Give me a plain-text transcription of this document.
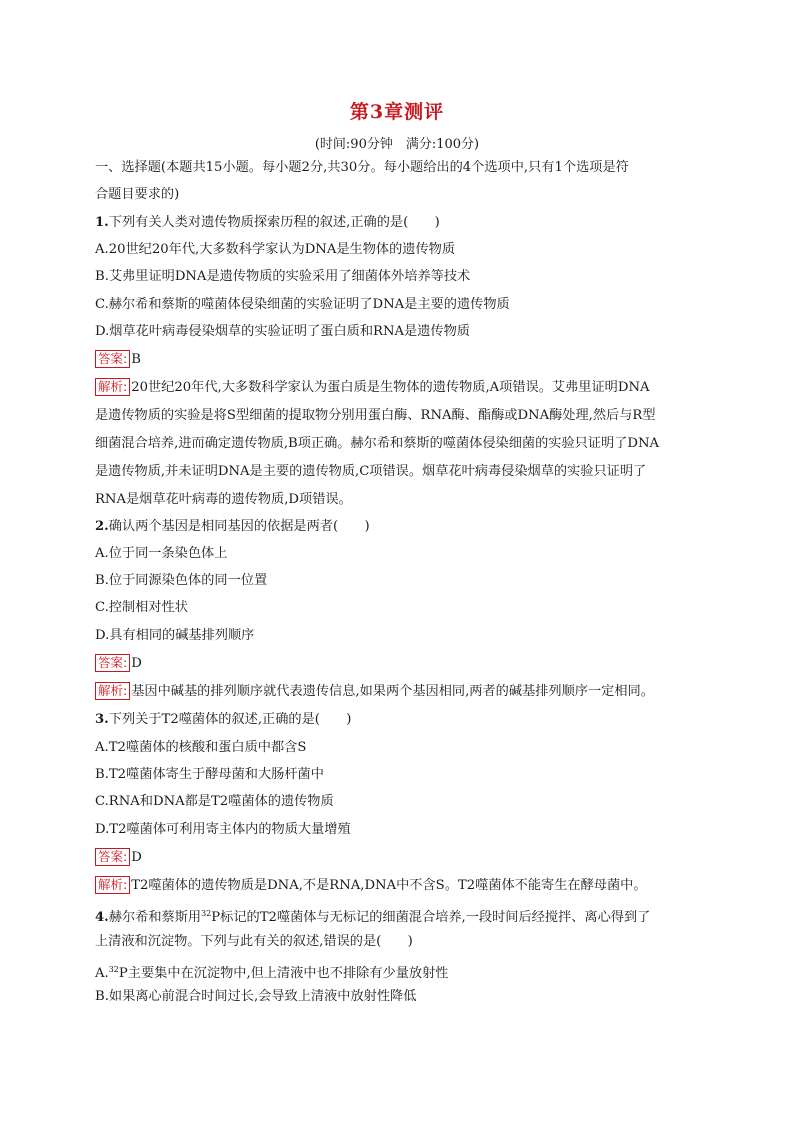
第3章测评
(时间:90分钟　满分:100分)
一、选择题(本题共15小题。每小题2分,共30分。每小题给出的4个选项中,只有1个选项是符
合题目要求的)
1.下列有关人类对遗传物质探索历程的叙述,正确的是(　　)
A.20世纪20年代,大多数科学家认为DNA是生物体的遗传物质
B.艾弗里证明DNA是遗传物质的实验采用了细菌体外培养等技术
C.赫尔希和蔡斯的噬菌体侵染细菌的实验证明了DNA是主要的遗传物质
D.烟草花叶病毒侵染烟草的实验证明了蛋白质和RNA是遗传物质
答案: B
解析: 20世纪20年代,大多数科学家认为蛋白质是生物体的遗传物质,A项错误。艾弗里证明DNA
是遗传物质的实验是将S型细菌的提取物分别用蛋白酶、RNA酶、酯酶或DNA酶处理,然后与R型
细菌混合培养,进而确定遗传物质,B项正确。赫尔希和蔡斯的噬菌体侵染细菌的实验只证明了DNA
是遗传物质,并未证明DNA是主要的遗传物质,C项错误。烟草花叶病毒侵染烟草的实验只证明了
RNA是烟草花叶病毒的遗传物质,D项错误。
2.确认两个基因是相同基因的依据是两者(　　)
A.位于同一条染色体上
B.位于同源染色体的同一位置
C.控制相对性状
D.具有相同的碱基排列顺序
答案: D
解析: 基因中碱基的排列顺序就代表遗传信息,如果两个基因相同,两者的碱基排列顺序一定相同。
3.下列关于T2噬菌体的叙述,正确的是(　　)
A.T2噬菌体的核酸和蛋白质中都含S
B.T2噬菌体寄生于酵母菌和大肠杆菌中
C.RNA和DNA都是T2噬菌体的遗传物质
D.T2噬菌体可利用寄主体内的物质大量增殖
答案: D
解析: T2噬菌体的遗传物质是DNA,不是RNA,DNA中不含S。T2噬菌体不能寄生在酵母菌中。
4.赫尔希和蔡斯用$^{32}$P标记的T2噬菌体与无标记的细菌混合培养,一段时间后经搅拌、离心得到了
上清液和沉淀物。下列与此有关的叙述,错误的是(　　)
A.$^{32}$P主要集中在沉淀物中,但上清液中也不排除有少量放射性
B.如果离心前混合时间过长,会导致上清液中放射性降低
